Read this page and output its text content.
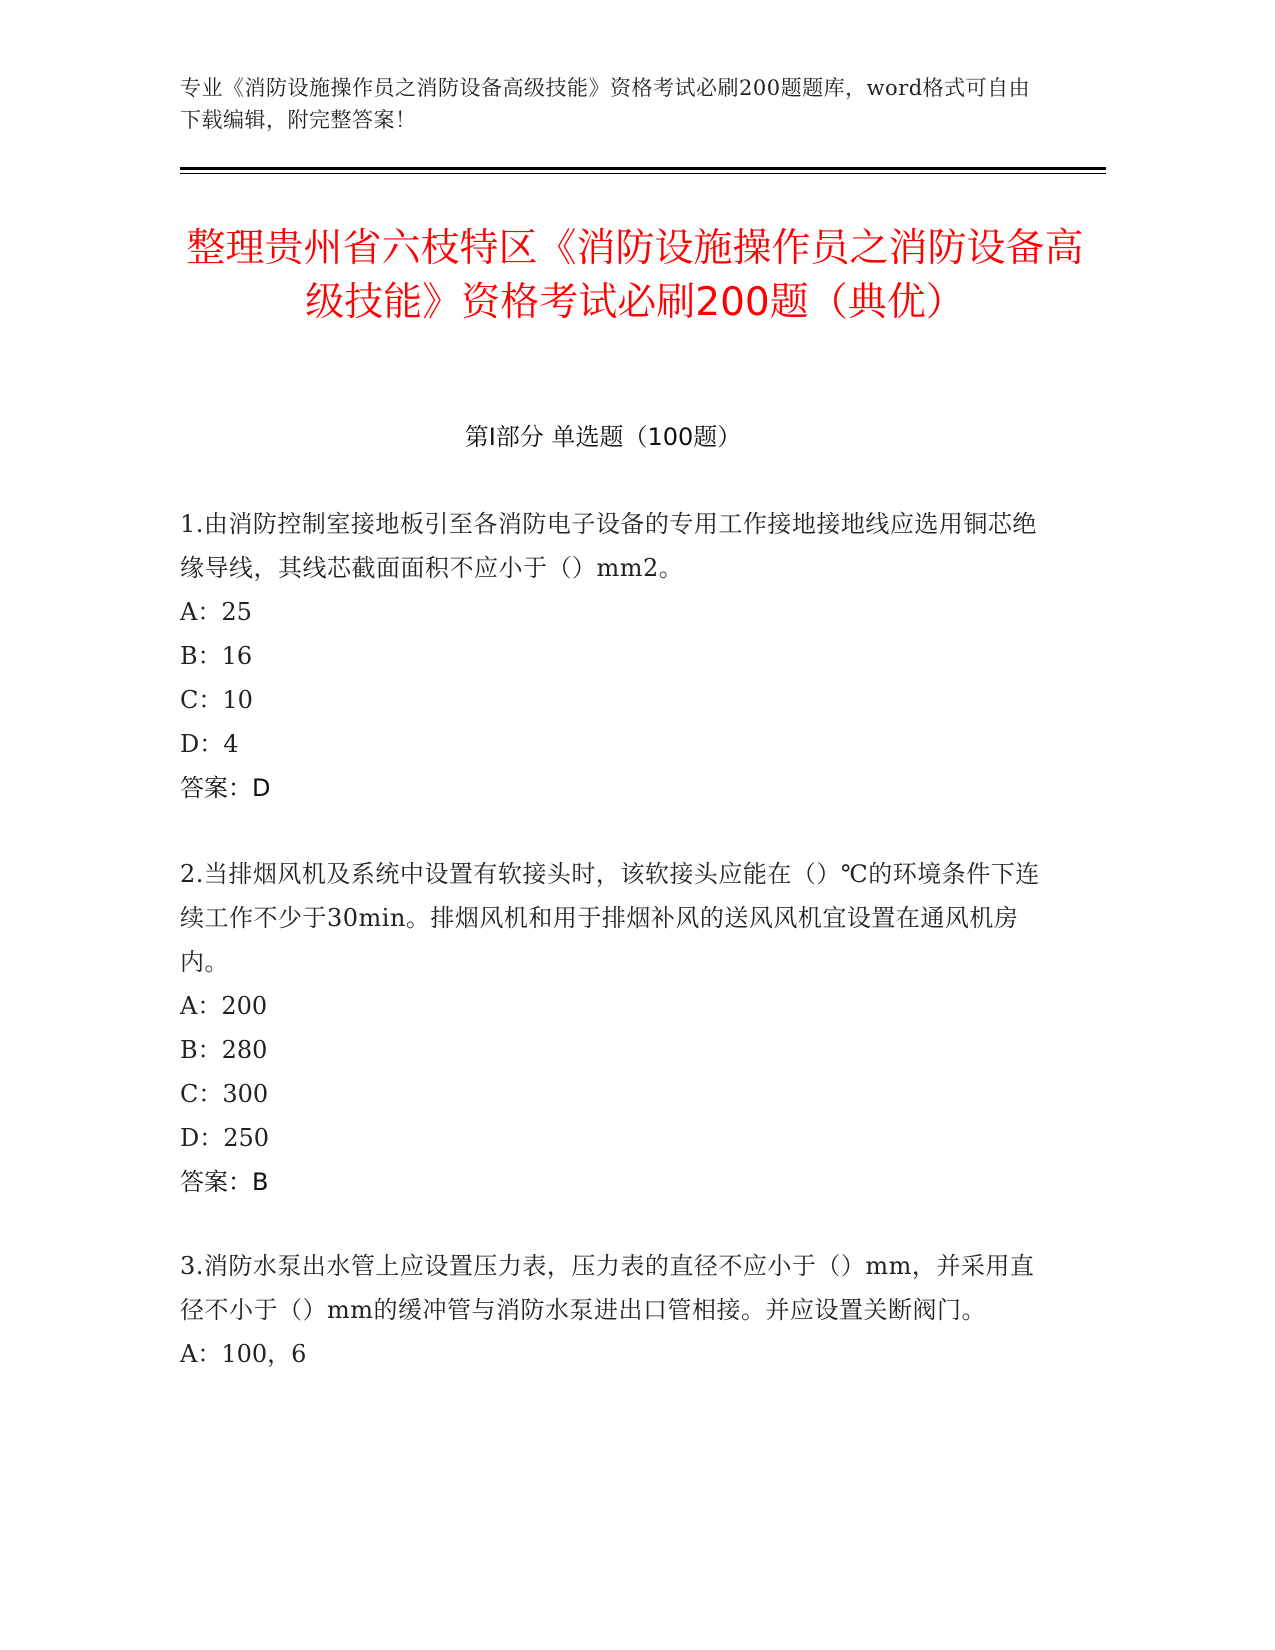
专业《消防设施操作员之消防设备高级技能》资格考试必刷200题题库，word格式可自由下载编辑，附完整答案！
整理贵州省六枝特区《消防设施操作员之消防设备高级技能》资格考试必刷200题（典优）
第I部分 单选题（100题）

1.由消防控制室接地板引至各消防电子设备的专用工作接地接地线应选用铜芯绝缘导线，其线芯截面面积不应小于（）mm2。

A：25

B：16

C：10

D：4

答案：D

2.当排烟风机及系统中设置有软接头时，该软接头应能在（）℃的环境条件下连续工作不少于30min。排烟风机和用于排烟补风的送风风机宜设置在通风机房内。

A：200

B：280

C：300

D：250

答案：B

3.消防水泵出水管上应设置压力表，压力表的直径不应小于（）mm，并采用直径不小于（）mm的缓冲管与消防水泵进出口管相接。并应设置关断阀门。

A：100，6
